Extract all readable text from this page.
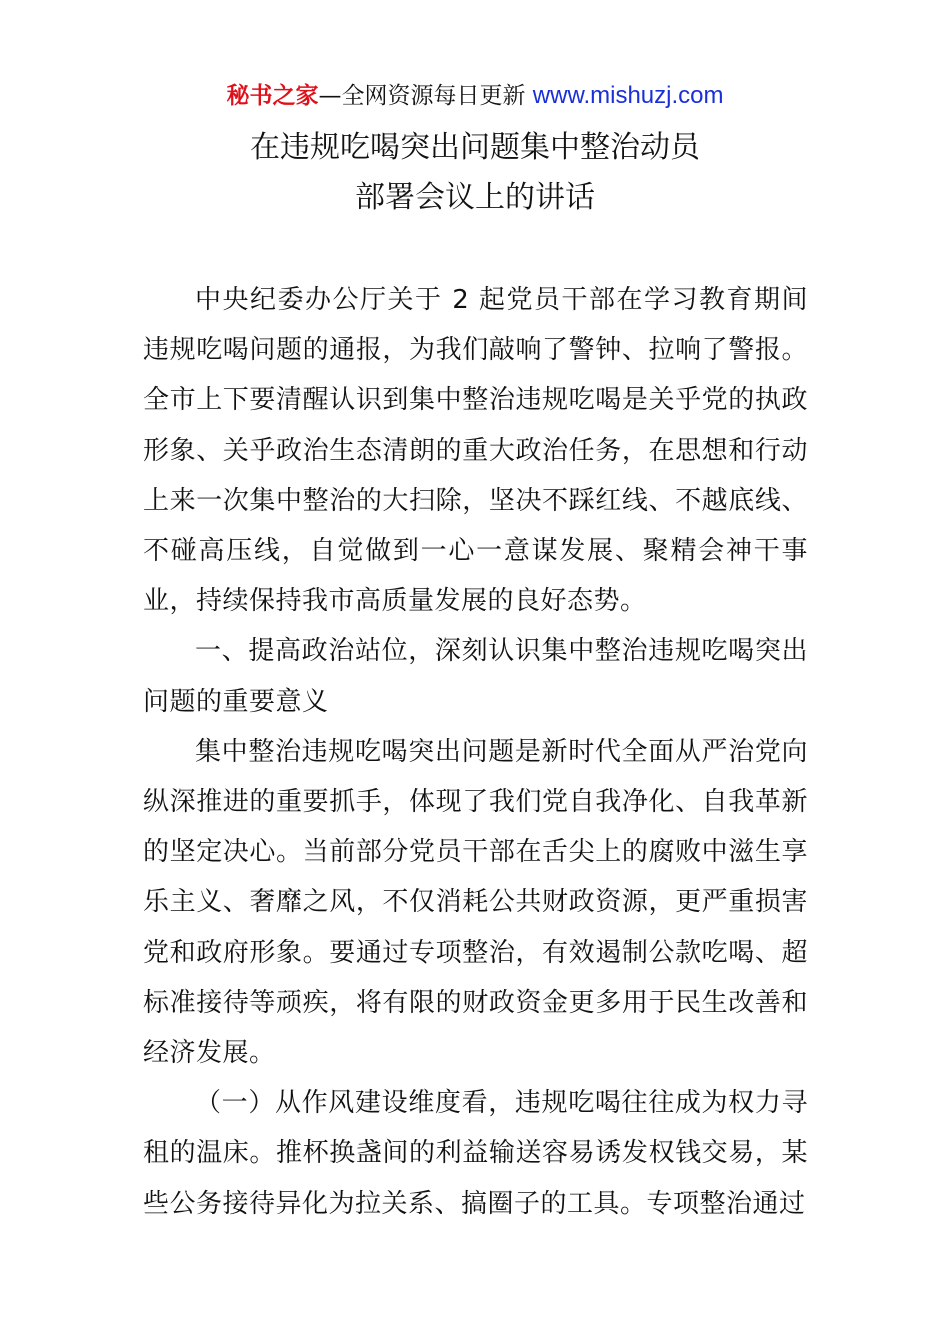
秘书之家—全网资源每日更新 www.mishuzj.com
在违规吃喝突出问题集中整治动员
部署会议上的讲话

中央纪委办公厅关于 2 起党员干部在学习教育期间违规吃喝问题的通报，为我们敲响了警钟、拉响了警报。全市上下要清醒认识到集中整治违规吃喝是关乎党的执政形象、关乎政治生态清朗的重大政治任务，在思想和行动上来一次集中整治的大扫除，坚决不踩红线、不越底线、不碰高压线，自觉做到一心一意谋发展、聚精会神干事业，持续保持我市高质量发展的良好态势。

一、提高政治站位，深刻认识集中整治违规吃喝突出问题的重要意义

集中整治违规吃喝突出问题是新时代全面从严治党向纵深推进的重要抓手，体现了我们党自我净化、自我革新的坚定决心。当前部分党员干部在舌尖上的腐败中滋生享乐主义、奢靡之风，不仅消耗公共财政资源，更严重损害党和政府形象。要通过专项整治，有效遏制公款吃喝、超标准接待等顽疾，将有限的财政资金更多用于民生改善和经济发展。

（一）从作风建设维度看，违规吃喝往往成为权力寻租的温床。推杯换盏间的利益输送容易诱发权钱交易，某些公务接待异化为拉关系、搞圈子的工具。专项整治通过
